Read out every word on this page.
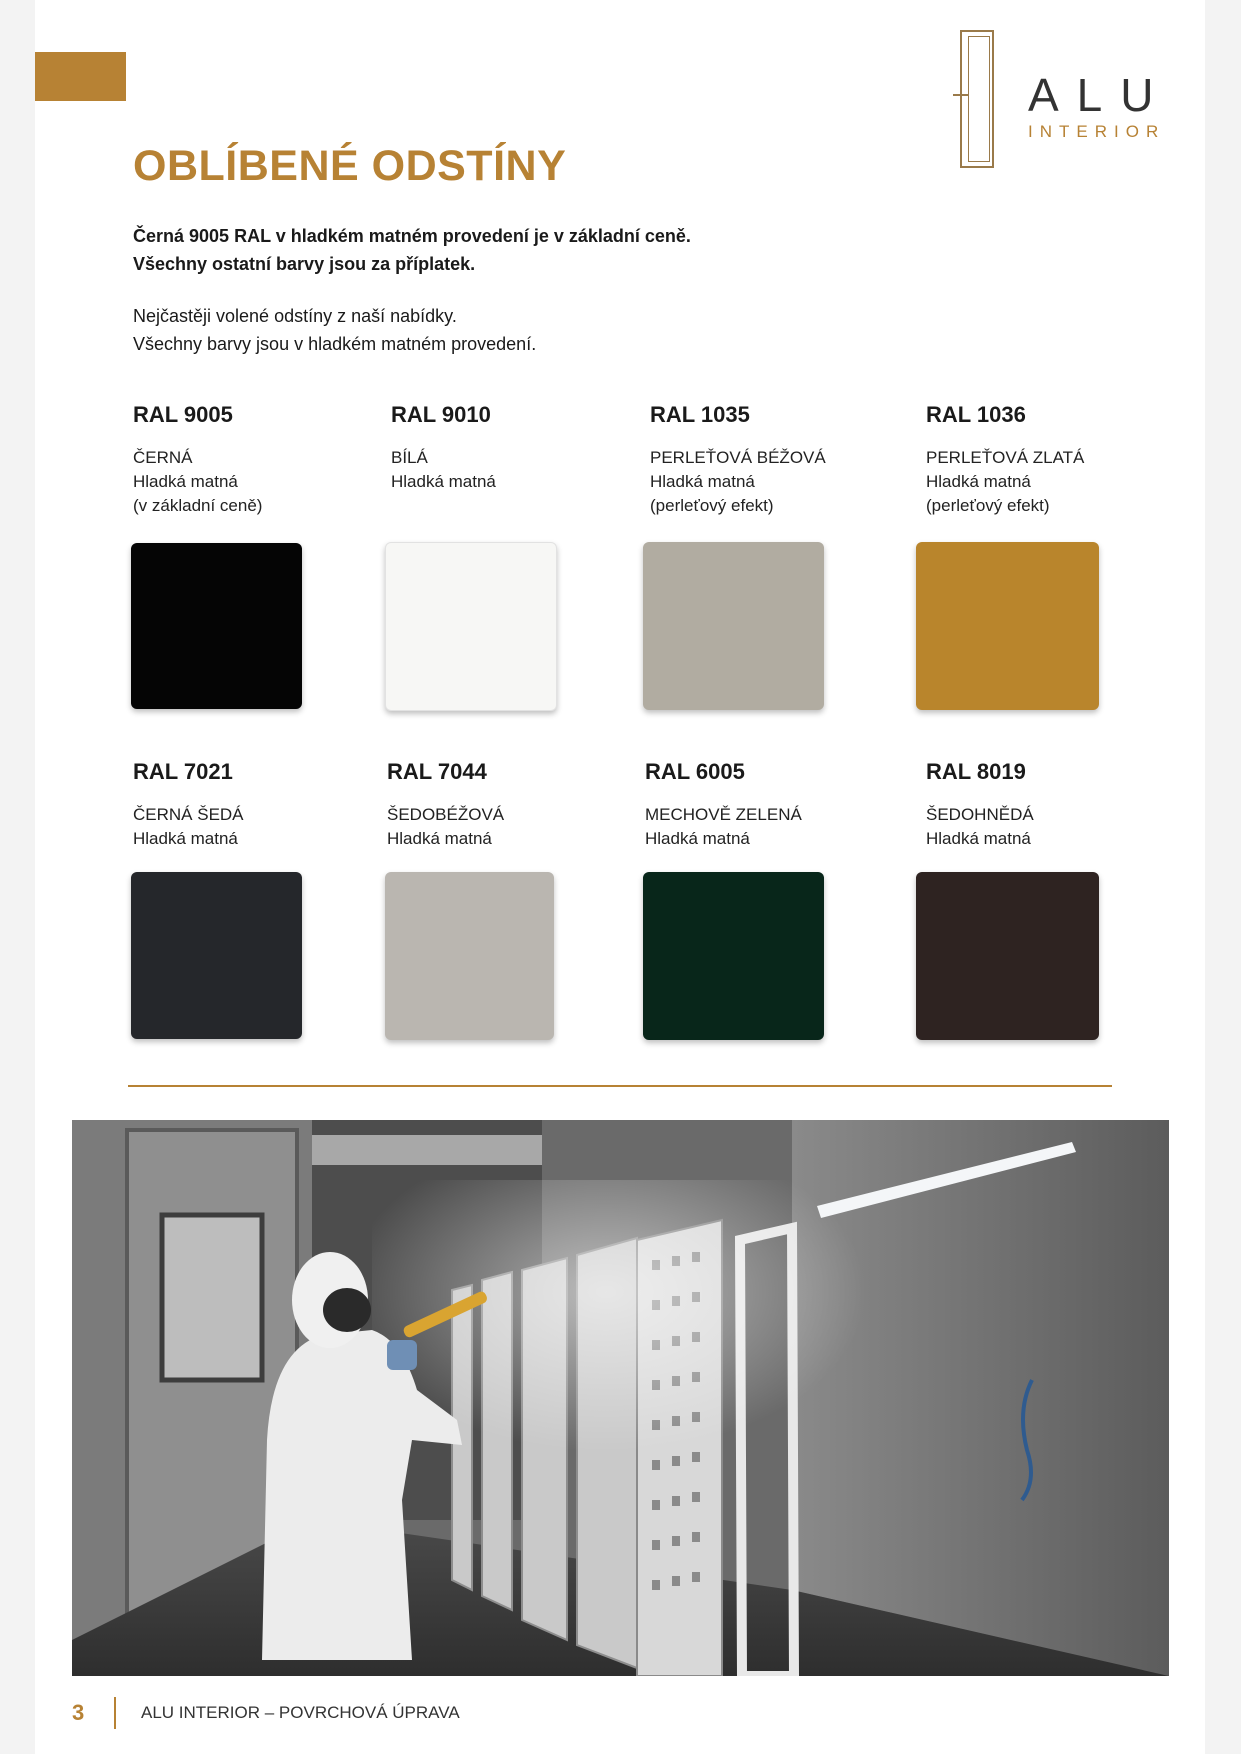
ALU
INTERIOR
OBLÍBENÉ ODSTÍNY
Černá 9005 RAL v hladkém matném provedení je v základní ceně.
Všechny ostatní barvy jsou za příplatek.
Nejčastěji volené odstíny z naší nabídky.
Všechny barvy jsou v hladkém matném provedení.
RAL 9005
ČERNÁ
Hladká matná
(v základní ceně)
RAL 9010
BÍLÁ
Hladká matná
RAL 1035
PERLEŤOVÁ BÉŽOVÁ
Hladká matná
(perleťový efekt)
RAL 1036
PERLEŤOVÁ ZLATÁ
Hladká matná
(perleťový efekt)
RAL 7021
ČERNÁ ŠEDÁ
Hladká matná
RAL 7044
ŠEDOBÉŽOVÁ
Hladká matná
RAL 6005
MECHOVĚ ZELENÁ
Hladká matná
RAL 8019
ŠEDOHNĚDÁ
Hladká matná
3	ALU INTERIOR – POVRCHOVÁ ÚPRAVA
